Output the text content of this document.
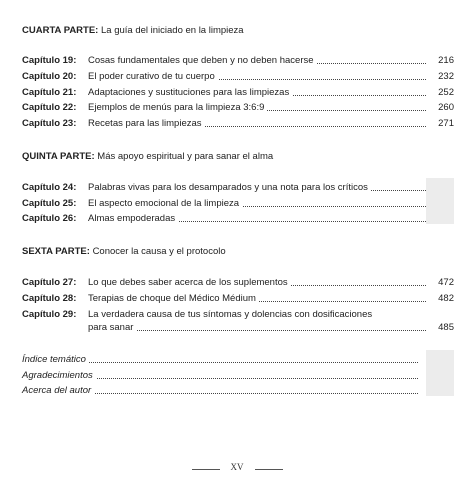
CUARTA PARTE: La guía del iniciado en la limpieza
Capítulo 19:	Cosas fundamentales que deben y no deben hacerse	216
Capítulo 20:	El poder curativo de tu cuerpo	232
Capítulo 21:	Adaptaciones y sustituciones para las limpiezas	252
Capítulo 22:	Ejemplos de menús para la limpieza 3:6:9	260
Capítulo 23:	Recetas para las limpiezas	271
QUINTA PARTE: Más apoyo espiritual y para sanar el alma
Capítulo 24:	Palabras vivas para los desamparados y una nota para los críticos
Capítulo 25:	El aspecto emocional de la limpieza
Capítulo 26:	Almas empoderadas
SEXTA PARTE: Conocer la causa y el protocolo
Capítulo 27:	Lo que debes saber acerca de los suplementos	472
Capítulo 28:	Terapias de choque del Médico Médium	482
Capítulo 29:	La verdadera causa de tus síntomas y dolencias con dosificaciones
para sanar	485
Índice temático
Agradecimientos
Acerca del autor
XV
